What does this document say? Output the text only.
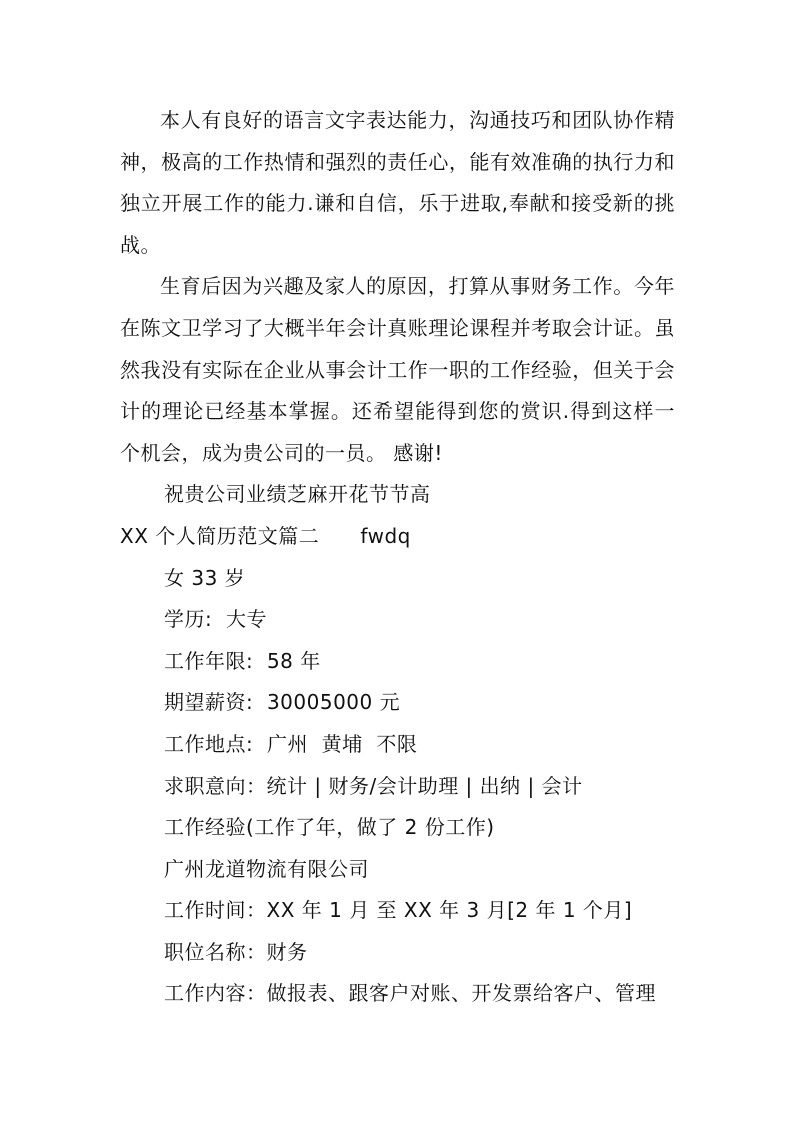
本人有良好的语言文字表达能力，沟通技巧和团队协作精神，极高的工作热情和强烈的责任心，能有效准确的执行力和独立开展工作的能力.谦和自信，乐于进取,奉献和接受新的挑战。

生育后因为兴趣及家人的原因，打算从事财务工作。今年在陈文卫学习了大概半年会计真账理论课程并考取会计证。虽然我没有实际在企业从事会计工作一职的工作经验，但关于会计的理论已经基本掌握。还希望能得到您的赏识.得到这样一个机会，成为贵公司的一员。 感谢!

祝贵公司业绩芝麻开花节节高

XX 个人简历范文篇二      fwdq

女 33 岁

学历:  大专

工作年限:  58 年

期望薪资:  30005000 元

工作地点:  广州  黄埔  不限

求职意向：统计 | 财务/会计助理 | 出纳 | 会计

工作经验(工作了年，做了 2 份工作)

广州龙道物流有限公司

工作时间：XX 年 1 月 至 XX 年 3 月[2 年 1 个月]

职位名称：财务

工作内容：做报表、跟客户对账、开发票给客户、管理
